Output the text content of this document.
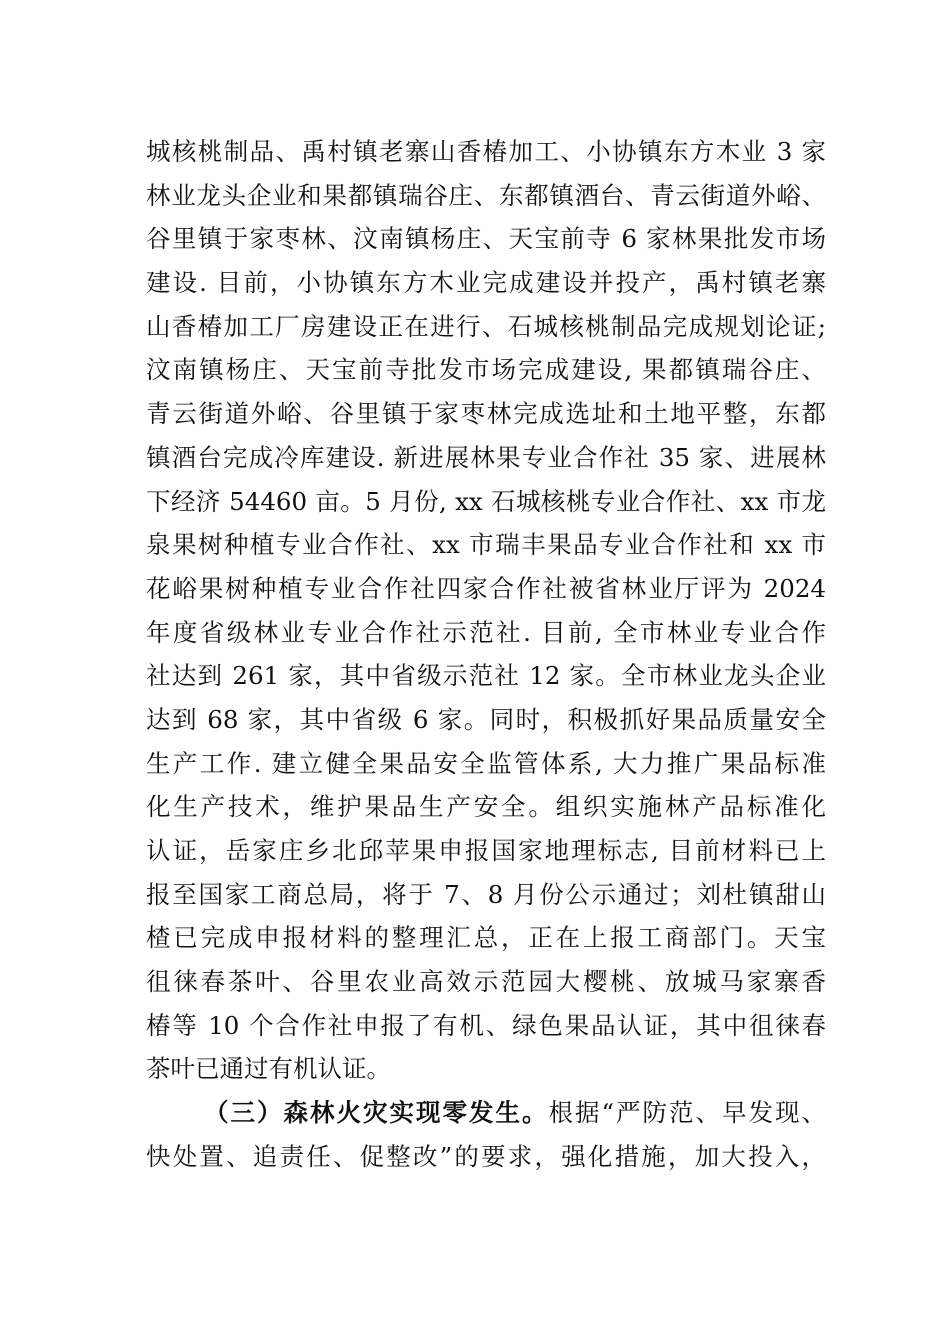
城核桃制品、禹村镇老寨山香椿加工、小协镇东方木业 3 家
林业龙头企业和果都镇瑞谷庄、东都镇酒台、青云街道外峪、
谷里镇于家枣林、汶南镇杨庄、天宝前寺 6 家林果批发市场
建设. 目前，小协镇东方木业完成建设并投产，禹村镇老寨
山香椿加工厂房建设正在进行、石城核桃制品完成规划论证;
汶南镇杨庄、天宝前寺批发市场完成建设, 果都镇瑞谷庄、
青云街道外峪、谷里镇于家枣林完成选址和土地平整，东都
镇酒台完成冷库建设. 新进展林果专业合作社 35 家、进展林
下经济 54460 亩。5 月份, xx 石城核桃专业合作社、xx 市龙
泉果树种植专业合作社、xx 市瑞丰果品专业合作社和 xx 市
花峪果树种植专业合作社四家合作社被省林业厅评为 2024
年度省级林业专业合作社示范社. 目前, 全市林业专业合作
社达到 261 家，其中省级示范社 12 家。全市林业龙头企业
达到 68 家，其中省级 6 家。同时，积极抓好果品质量安全
生产工作. 建立健全果品安全监管体系, 大力推广果品标准
化生产技术，维护果品生产安全。组织实施林产品标准化
认证，岳家庄乡北邱苹果申报国家地理标志, 目前材料已上
报至国家工商总局，将于 7、8 月份公示通过；刘杜镇甜山
楂已完成申报材料的整理汇总，正在上报工商部门。天宝
徂徕春茶叶、谷里农业高效示范园大樱桃、放城马家寨香
椿等 10 个合作社申报了有机、绿色果品认证，其中徂徕春
茶叶已通过有机认证。
（三）森林火灾实现零发生。根据“严防范、早发现、
快处置、追责任、促整改”的要求，强化措施，加大投入，
